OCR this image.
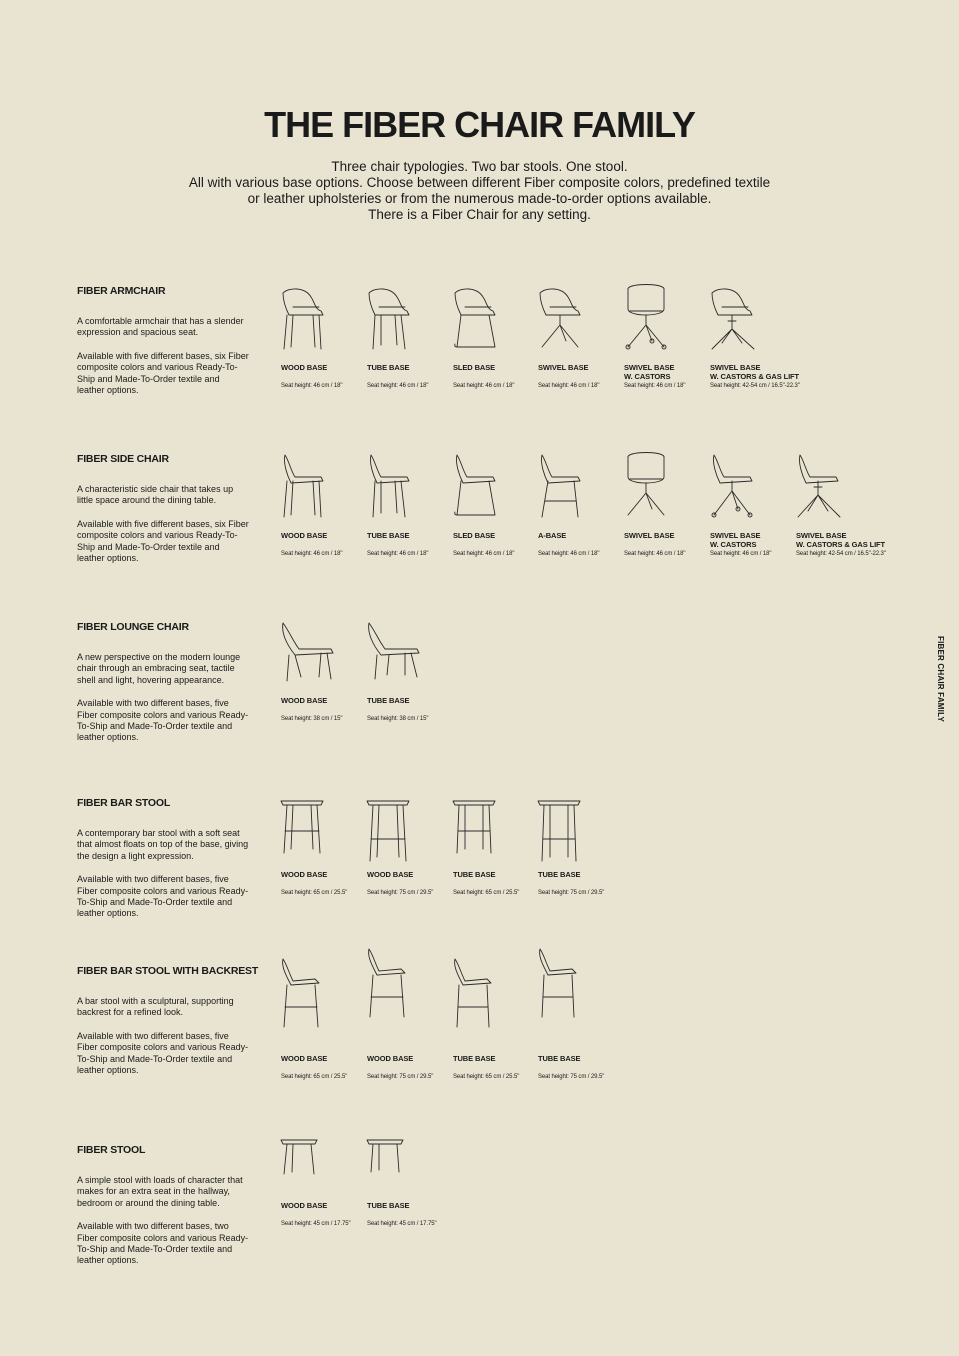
THE FIBER CHAIR FAMILY
Three chair typologies. Two bar stools. One stool.
All with various base options. Choose between different Fiber composite colors, predefined textile
or leather upholsteries or from the numerous made-to-order options available.
There is a Fiber Chair for any setting.
FIBER CHAIR FAMILY
FIBER ARMCHAIR

A comfortable armchair that has a slender expression and spacious seat.

Available with five different bases, six Fiber composite colors and various Ready-To-Ship and Made-To-Order textile and leather options.

WOOD BASE
Seat height: 46 cm / 18"
TUBE BASE
Seat height: 46 cm / 18"
SLED BASE
Seat height: 46 cm / 18"
SWIVEL BASE
Seat height: 46 cm / 18"
SWIVEL BASE
W. CASTORS
Seat height: 46 cm / 18"
SWIVEL BASE
W. CASTORS & GAS LIFT
Seat height: 42-54 cm / 16.5"-22.3"
FIBER SIDE CHAIR

A characteristic side chair that takes up little space around the dining table.

Available with five different bases, six Fiber composite colors and various Ready-To-Ship and Made-To-Order textile and leather options.

WOOD BASE
Seat height: 46 cm / 18"
TUBE BASE
Seat height: 46 cm / 18"
SLED BASE
Seat height: 46 cm / 18"
A-BASE
Seat height: 46 cm / 18"
SWIVEL BASE
Seat height: 46 cm / 18"
SWIVEL BASE
W. CASTORS
Seat height: 46 cm / 18"
SWIVEL BASE
W. CASTORS & GAS LIFT
Seat height: 42-54 cm / 16.5"-22.3"
FIBER LOUNGE CHAIR

A new perspective on the modern lounge chair through an embracing seat, tactile shell and light, hovering appearance.

Available with two different bases, five Fiber composite colors and various Ready-To-Ship and Made-To-Order textile and leather options.

WOOD BASE
Seat height: 38 cm / 15"
TUBE BASE
Seat height: 38 cm / 15"
FIBER BAR STOOL

A contemporary bar stool with a soft seat that almost floats on top of the base, giving the design a light expression.

Available with two different bases, five Fiber composite colors and various Ready-To-Ship and Made-To-Order textile and leather options.

WOOD BASE
Seat height: 65 cm / 25.5"
WOOD BASE
Seat height: 75 cm / 29.5"
TUBE BASE
Seat height: 65 cm / 25.5"
TUBE BASE
Seat height: 75 cm / 29.5"
FIBER BAR STOOL WITH BACKREST

A bar stool with a sculptural, supporting backrest for a refined look.

Available with two different bases, five Fiber composite colors and various Ready-To-Ship and Made-To-Order textile and leather options.

WOOD BASE
Seat height: 65 cm / 25.5"
WOOD BASE
Seat height: 75 cm / 29.5"
TUBE BASE
Seat height: 65 cm / 25.5"
TUBE BASE
Seat height: 75 cm / 29.5"
FIBER STOOL

A simple stool with loads of character that makes for an extra seat in the hallway, bedroom or around the dining table.

Available with two different bases, two Fiber composite colors and various Ready-To-Ship and Made-To-Order textile and leather options.

WOOD BASE
Seat height: 45 cm / 17.75"
TUBE BASE
Seat height: 45 cm / 17.75"
